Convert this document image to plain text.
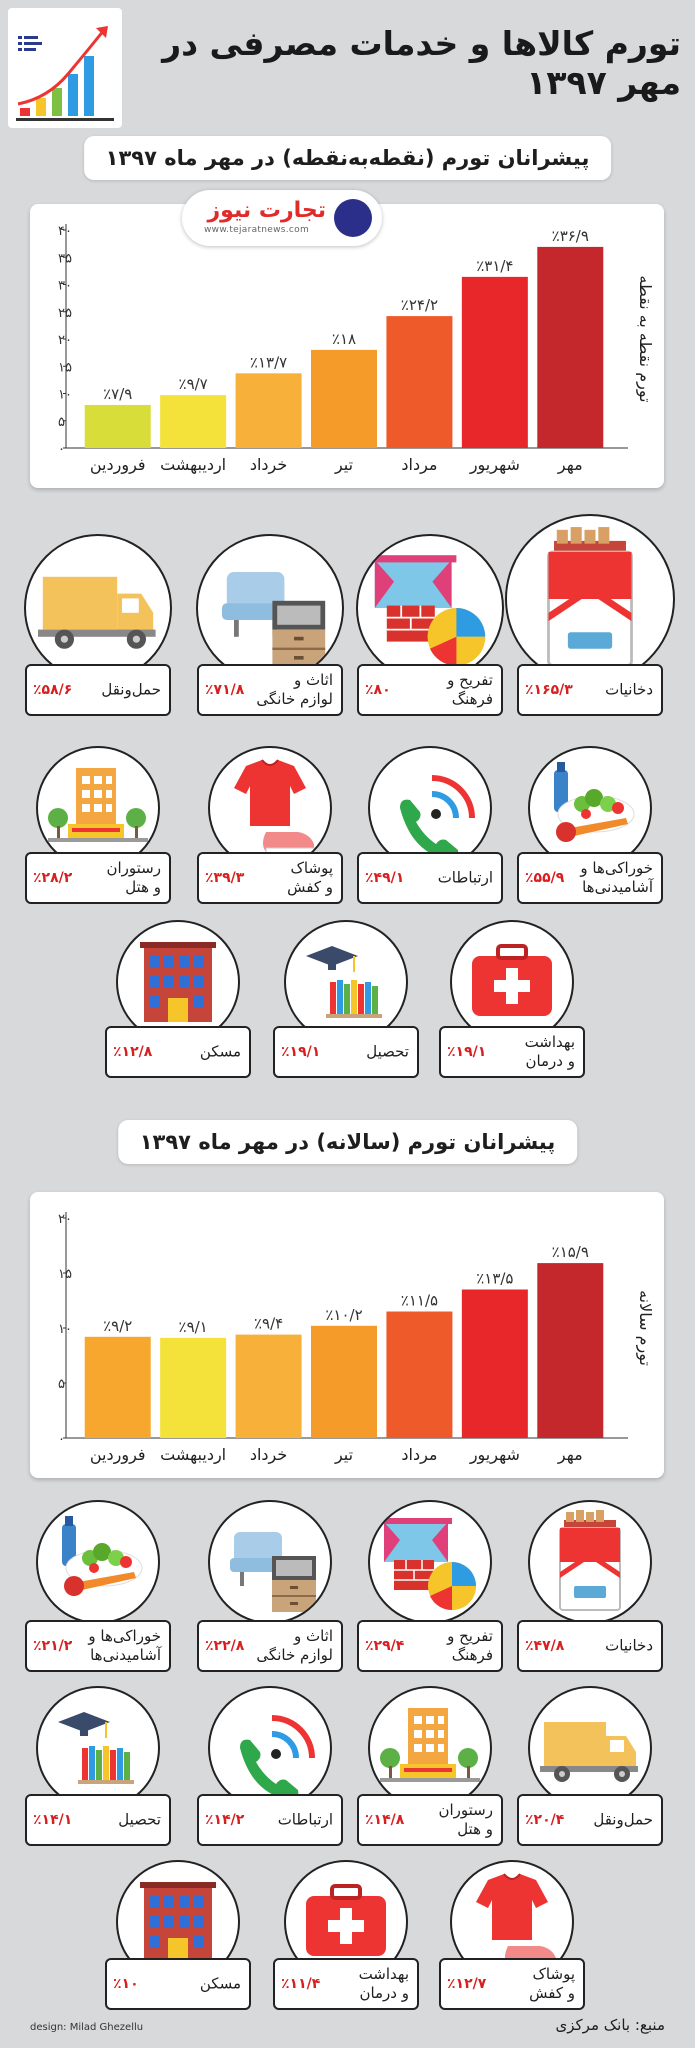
تورم کالاها و خدمات مصرفی در مهر ۱۳۹۷
پیشرانان تورم (نقطه‌به‌نقطه) در مهر ماه ۱۳۹۷
۰
۵
۱۰
۱۵
۲۰
۲۵
۳۰
۳۵
۴۰	٪۳۶/۹
مهر
٪۳۱/۴
شهریور
٪۲۴/۲
مرداد
٪۱۸
تیر
٪۱۳/۷
خرداد
٪۹/۷
اردیبهشت
٪۷/۹
فروردین
تورم نقطه به نقطه
تجارت نیوز
www.tejaratnews.com
دخانیات
٪۱۶۵/۳
تفریح و
فرهنگ
٪۸۰
اثاث و
لوازم خانگی
٪۷۱/۸
حمل‌ونقل
٪۵۸/۶
خوراکی‌ها و
آشامیدنی‌ها
٪۵۵/۹
ارتباطات
٪۴۹/۱
پوشاک
و کفش
٪۳۹/۳
رستوران
و هتل
٪۲۸/۲
بهداشت
و درمان
٪۱۹/۱
تحصیل
٪۱۹/۱
مسکن
٪۱۲/۸
پیشرانان تورم (سالانه) در مهر ماه ۱۳۹۷
۰
۵
۱۰
۱۵
۲۰
٪۱۵/۹
مهر
٪۱۳/۵
شهریور
٪۱۱/۵
مرداد
٪۱۰/۲
تیر
٪۹/۴
خرداد
٪۹/۱
اردیبهشت
٪۹/۲
فروردین
تورم سالانه
دخانیات
٪۴۷/۸
تفریح و
فرهنگ
٪۲۹/۴
اثاث و
لوازم خانگی
٪۲۲/۸
خوراکی‌ها و
آشامیدنی‌ها
٪۲۱/۲
حمل‌ونقل
٪۲۰/۴
رستوران
و هتل
٪۱۴/۸
ارتباطات
٪۱۴/۲
تحصیل
٪۱۴/۱
پوشاک
و کفش
٪۱۲/۷
بهداشت
و درمان
٪۱۱/۴
مسکن
٪۱۰
منبع: بانک مرکزی
design: Milad Ghezellu
